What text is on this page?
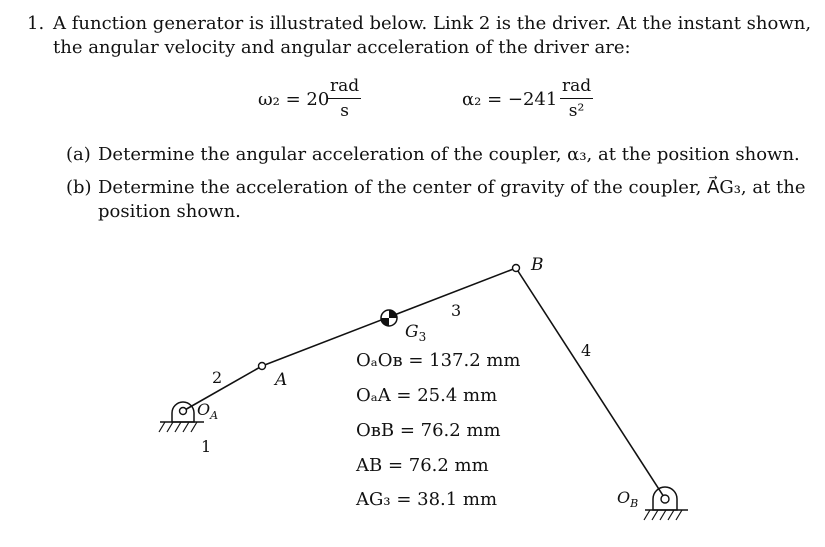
1. A function generator is illustrated below. Link 2 is the driver. At the instant shown,
the angular velocity and angular acceleration of the driver are:
ω₂ = 20
rad
s
α₂ = −241
rad
s²
(a) Determine the angular acceleration of the coupler, α₃, at the position shown.
(b) Determine the acceleration of the center of gravity of the coupler, A⃗G₃, at the
position shown.
B
A
3
4
2
1
$G_3$
$O_A$
$O_B$
OₐOʙ = 137.2 mm
OₐA = 25.4 mm
OʙB = 76.2 mm
AB = 76.2 mm
AG₃ = 38.1 mm
